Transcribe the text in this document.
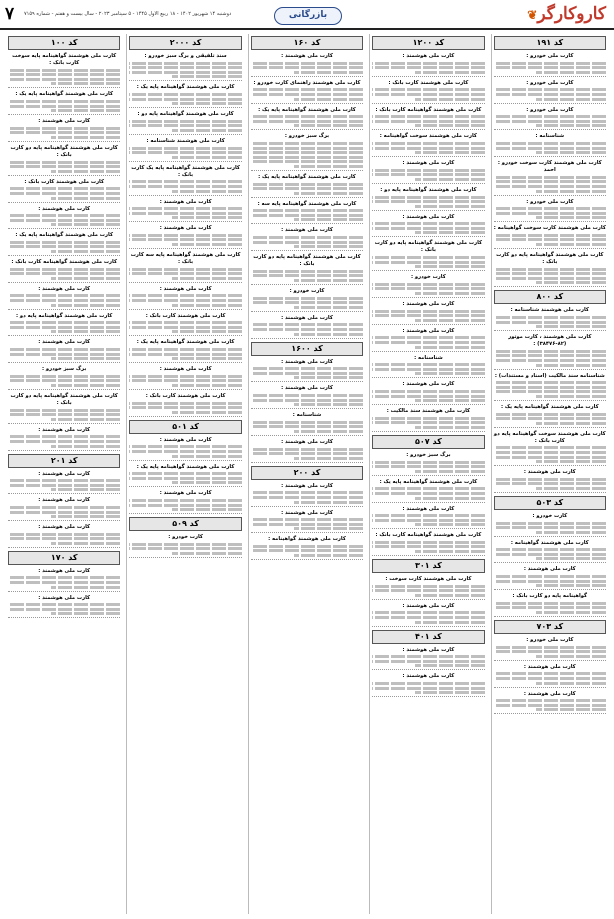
کاروکارگر❦
بازرگانی
دوشنبه ۱۴ شهریور ۱۴۰۲ - ۱۸ ربیع الاول ۱۴۴۵ - ۵ سپتامبر ۲۰۲۳ - سال بیست و هفتم - شماره ۷۱۵۹
۷
کد ۱۹۱
کارت ملی خودرو :
کارت ملی خودرو :
کارت ملی خودرو :
شناسنامه :
کارت ملی هوشمند کارت سوخت خودرو : احمد
کارت ملی خودرو :
کارت ملی هوشمند کارت سوخت گواهینامه :
کارت ملی هوشمند گواهینامه پایه دو کارت بانک :
کد ۸۰۰
کارت ملی هوشمند شناسنامه :
کارت ملی هوشمند ، کارت موتور (۸۲-۳۸۴۷۶) :
شناسنامه سند مالکیت (اسناد و مستندات) :
کارت ملی هوشمند گواهینامه پایه یک :
کارت ملی هوشمند سوخت گواهینامه پایه دو کارت بانک :
کارت ملی هوشمند :
کد ۵۰۳
کارت خودرو :
کارت ملی هوشمند گواهینامه :
کارت ملی هوشمند :
گواهینامه پایه دو کارت بانک :
کد ۷۰۳
کارت ملی خودرو :
کارت ملی هوشمند :
کارت ملی هوشمند :
کد ۱۲۰۰
کارت ملی هوشمند :
کارت ملی هوشمند کارت بانک :
کارت ملی هوشمند گواهینامه کارت بانک :
کارت ملی هوشمند سوخت گواهینامه :
کارت ملی هوشمند :
کارت ملی هوشمند گواهینامه پایه دو :
کارت ملی هوشمند :
کارت ملی هوشمند گواهینامه پایه دو کارت بانک :
کارت خودرو :
کارت ملی هوشمند :
کارت ملی هوشمند :
شناسنامه :
کارت ملی هوشمند :
کارت ملی هوشمند سند مالکیت :
کد ۵۰۷
برگ سبز خودرو :
کارت ملی هوشمند گواهینامه پایه یک :
کارت ملی هوشمند :
کارت ملی هوشمند گواهینامه کارت بانک :
کد ۳۰۱
کارت ملی هوشمند کارت سوخت :
کارت ملی هوشمند :
کد ۴۰۱
کارت ملی هوشمند :
کارت ملی هوشمند :
کد ۱۶۰
کارت ملی هوشمند :
کارت ملی هوشمند راهنمای کارت خودرو :
کارت ملی هوشمند گواهینامه پایه یک :
برگ سبز خودرو :
کارت ملی هوشمند گواهینامه پایه یک :
کارت ملی هوشمند گواهینامه پایه سه :
کارت ملی هوشمند :
کارت ملی هوشمند گواهینامه پایه دو کارت بانک :
کارت خودرو :
کارت ملی هوشمند :
کد ۱۶۰۰
کارت ملی هوشمند :
کارت ملی هوشمند :
شناسنامه :
کارت ملی هوشمند :
کد ۲۰۰
کارت ملی هوشمند :
کارت ملی هوشمند :
کارت ملی هوشمند گواهینامه :
کد ۲۰۰۰
سند تلفیقی و برگ سبز خودرو :
کارت ملی هوشمند گواهینامه پایه یک :
کارت ملی هوشمند گواهینامه پایه دو :
کارت ملی هوشمند شناسنامه :
کارت ملی هوشمند گواهینامه پایه یک کارت بانک :
کارت ملی هوشمند :
کارت ملی هوشمند :
کارت ملی هوشمند گواهینامه پایه سه کارت بانک :
کارت ملی هوشمند :
کارت ملی هوشمند کارت بانک :
کارت ملی هوشمند گواهینامه پایه یک :
کارت ملی هوشمند :
کارت ملی هوشمند کارت بانک :
کد ۵۰۱
کارت ملی هوشمند :
کارت ملی هوشمند گواهینامه پایه یک :
کارت ملی هوشمند :
کد ۵۰۹
کارت خودرو :
کد ۱۰۰
کارت ملی هوشمند گواهینامه پایه سوخت کارت بانک :
کارت ملی هوشمند گواهینامه پایه یک :
کارت ملی هوشمند :
کارت ملی هوشمند گواهینامه پایه دو کارت بانک :
کارت ملی هوشمند کارت بانک :
کارت ملی هوشمند :
کارت ملی هوشمند گواهینامه پایه یک :
کارت ملی هوشمند گواهینامه کارت بانک :
کارت ملی هوشمند :
کارت ملی هوشمند گواهینامه پایه دو :
کارت ملی هوشمند :
برگ سبز خودرو :
کارت ملی هوشمند گواهینامه پایه دو کارت بانک :
کارت ملی هوشمند :
کد ۲۰۱
کارت ملی هوشمند :
کارت ملی هوشمند :
کارت ملی هوشمند :
کد ۱۷۰
کارت ملی هوشمند :
کارت ملی هوشمند :
